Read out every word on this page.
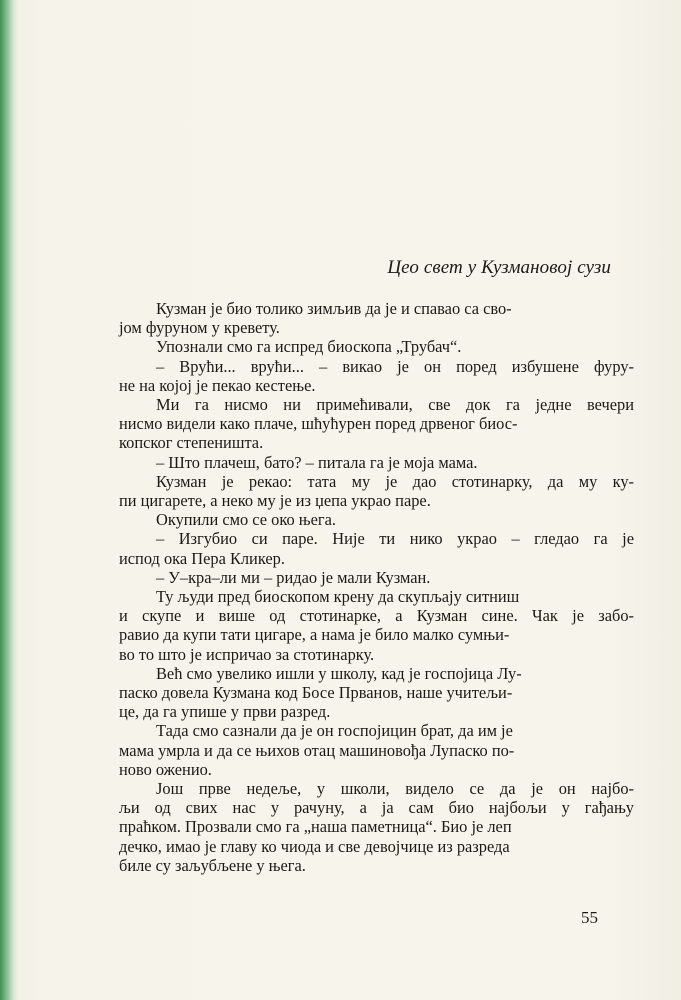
Цео свет у Кузмановој сузи
Кузман је био толико зимљив да је и спавао са сво-
јом фуруном у кревету.
Упознали смо га испред биоскопа „Трубач“.
– Врући... врући... – викао је он поред избушене фуру-
не на којој је пекао кестење.
Ми га нисмо ни примећивали, све док га једне вечери
нисмо видели како плаче, шћућурен поред дрвеног биос-
копског степеништа.
– Што плачеш, бато? – питала га је моја мама.
Кузман је рекао: тата му је дао стотинарку, да му ку-
пи цигарете, а неко му је из џепа украо паре.
Окупили смо се око њега.
– Изгубио си паре. Није ти нико украо – гледао га је
испод ока Пера Кликер.
– У–кра–ли ми – ридао је мали Кузман.
Ту људи пред биоскопом крену да скупљају ситниш
и скупе и више од стотинарке, а Кузман сине. Чак је забо-
равио да купи тати цигаре, а нама је било малко сумњи-
во то што је испричао за стотинарку.
Већ смо увелико ишли у школу, кад је госпојица Лу-
паско довела Кузмана код Босе Прванов, наше учитељи-
це, да га упише у први разред.
Тада смо сазнали да је он госпојицин брат, да им је
мама умрла и да се њихов отац машиновођа Лупаско по-
ново оженио.
Још прве недеље, у школи, видело се да је он најбо-
љи од свих нас у рачуну, а ја сам био најбољи у гађању
праћком. Прозвали смо га „наша паметница“. Био је леп
дечко, имао је главу ко чиода и све девојчице из разреда
биле су заљубљене у њега.
55
